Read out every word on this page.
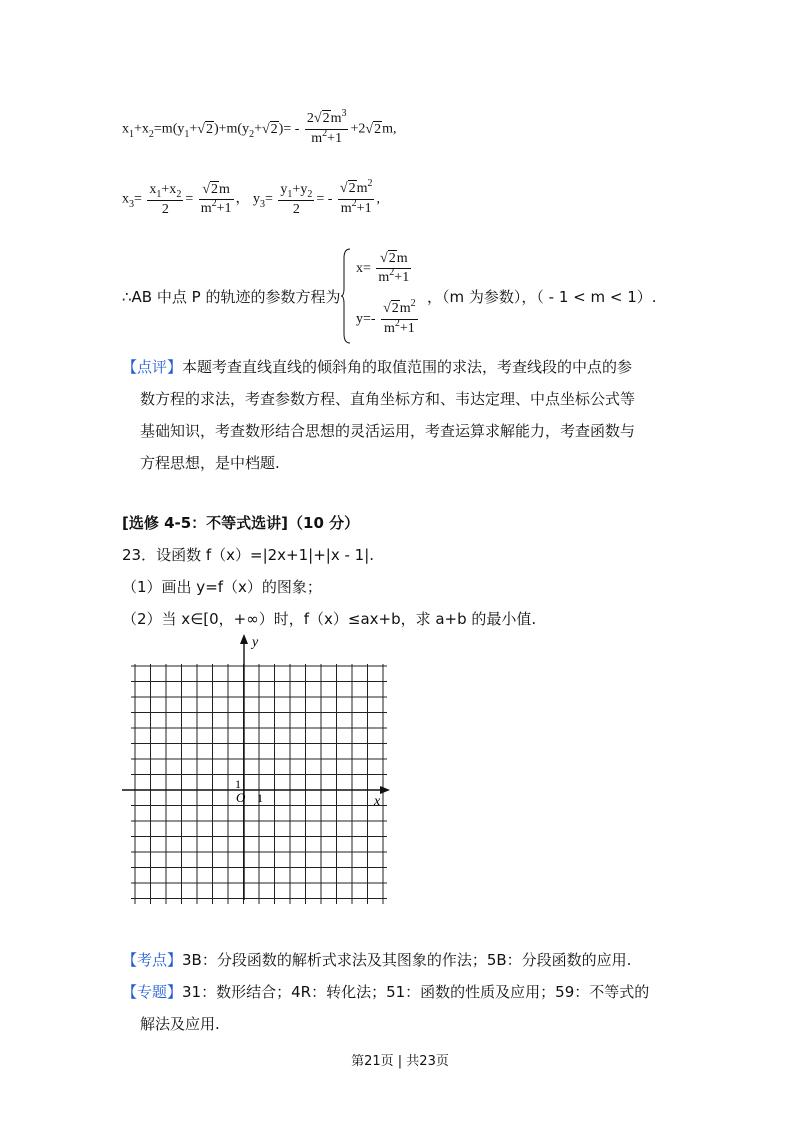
$x_1+x_2=m(y_1+√2)+m(y_2+√2)= - \frac{2√2m^3}{m^2+1} +2√2m$,
$x_3= \frac{x_1+x_2}{2} = \frac{√2m}{m^2+1}$ ， $y_3= \frac{y_1+y_2}{2}$ = - $\frac{√2m^2}{m^2+1}$ ,
∴AB 中点 P 的轨迹的参数方程为
$x= \frac{√2m}{m^2+1}$
$y=- \frac{√2m^2}{m^2+1}$
，（m 为参数），（ - 1 < m < 1）.
【点评】本题考查直线直线的倾斜角的取值范围的求法，考查线段的中点的参
数方程的求法，考查参数方程、直角坐标方和、韦达定理、中点坐标公式等
基础知识，考查数形结合思想的灵活运用，考查运算求解能力，考查函数与
方程思想，是中档题.
[选修 4-5：不等式选讲]（10 分）
23．设函数 f（x）=|2x+1|+|x - 1|.
（1）画出 y=f（x）的图象；
（2）当 x∈[0，+∞）时，f（x）≤ax+b，求 a+b 的最小值.
y
x
O 1
1
【考点】3B：分段函数的解析式求法及其图象的作法；5B：分段函数的应用.
【专题】31：数形结合；4R：转化法；51：函数的性质及应用；59：不等式的
解法及应用.
第21页 | 共23页
